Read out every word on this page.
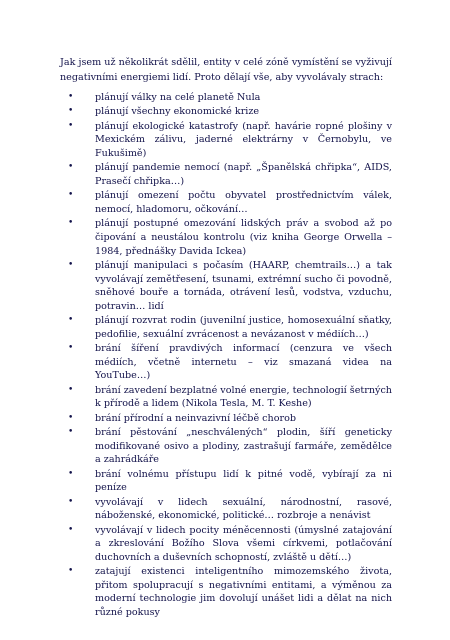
Jak jsem už několikrát sdělil, entity v celé zóně vymístění se vyživují negativními energiemi lidí. Proto dělají vše, aby vyvolávaly strach:

• plánují války na celé planetě Nula
• plánují všechny ekonomické krize
• plánují ekologické katastrofy (např. havárie ropné plošiny v Mexickém zálivu, jaderné elektrárny v Černobylu, ve Fukušimě)
• plánují pandemie nemocí (např. „Španělská chřipka“, AIDS, Prasečí chřipka…)
• plánují omezení počtu obyvatel prostřednictvím válek, nemocí, hladomoru, očkování…
• plánují postupné omezování lidských práv a svobod až po čipování a neustálou kontrolu (viz kniha George Orwella – 1984, přednášky Davida Ickea)
• plánují manipulaci s počasím (HAARP, chemtrails…) a tak vyvolávají zemětřesení, tsunami, extrémní sucho či povodně, sněhové bouře a tornáda, otrávení lesů, vodstva, vzduchu, potravin… lidí
• plánují rozvrat rodin (juvenilní justice, homosexuální sňatky, pedofilie, sexuální zvrácenost a nevázanost v médiích…)
• brání šíření pravdivých informací (cenzura ve všech médiích, včetně internetu – viz smazaná videa na YouTube…)
• brání zavedení bezplatné volné energie, technologií šetrných k přírodě a lidem (Nikola Tesla, M. T. Keshe)
• brání přírodní a neinvazivní léčbě chorob
• brání pěstování „neschválených“ plodin, šíří geneticky modifikované osivo a plodiny, zastrašují farmáře, zemědělce a zahrádkáře
• brání volnému přístupu lidí k pitné vodě, vybírají za ni peníze
• vyvolávají v lidech sexuální, národnostní, rasové, náboženské, ekonomické, politické… rozbroje a nenávist
• vyvolávají v lidech pocity méněcennosti (úmyslné zatajování a zkreslování Božího Slova všemi církvemi, potlačování duchovních a duševních schopností, zvláště u dětí…)
• zatajují existenci inteligentního mimozemského života, přitom spolupracují s negativními entitami, a výměnou za moderní technologie jim dovolují unášet lidi a dělat na nich různé pokusy
